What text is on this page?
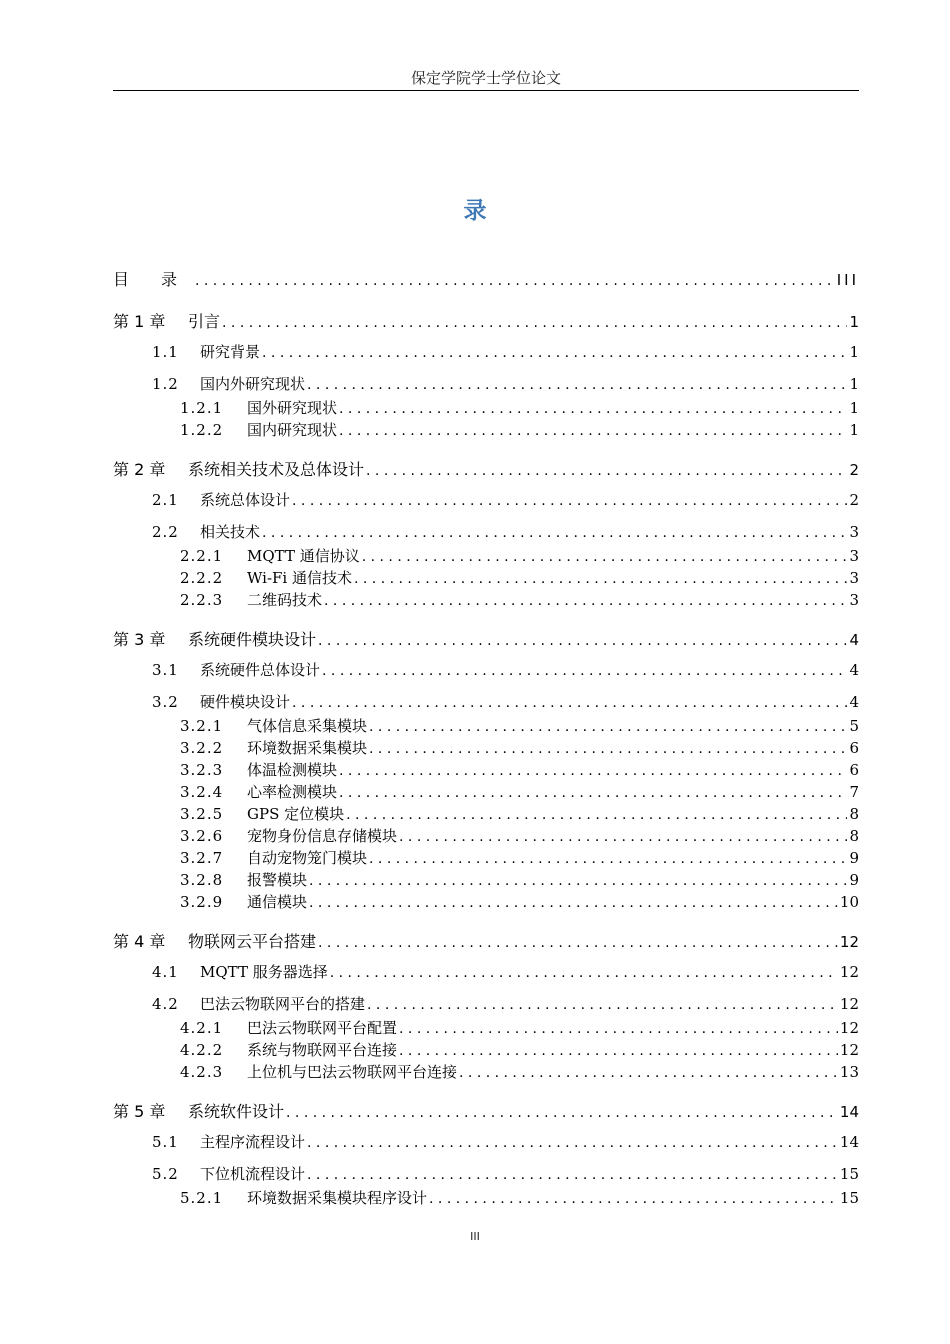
保定学院学士学位论文
录
目　　录 . . .	III
第 1 章	引言 . . .	1
1.1	研究背景 . . .	1
1.2	国内外研究现状 . . .	1
1.2.1	国外研究现状 . . .	1
1.2.2	国内研究现状 . . .	1
第 2 章	系统相关技术及总体设计 . . .	2
2.1	系统总体设计 . . .	2
2.2	相关技术 . . .	3
2.2.1	MQTT 通信协议 . . .	3
2.2.2	Wi-Fi 通信技术 . . .	3
2.2.3	二维码技术 . . .	3
第 3 章	系统硬件模块设计 . . .	4
3.1	系统硬件总体设计 . . .	4
3.2	硬件模块设计 . . .	4
3.2.1	气体信息采集模块 . . .	5
3.2.2	环境数据采集模块 . . .	6
3.2.3	体温检测模块 . . .	6
3.2.4	心率检测模块 . . .	7
3.2.5	GPS 定位模块 . . .	8
3.2.6	宠物身份信息存储模块 . . .	8
3.2.7	自动宠物笼门模块 . . .	9
3.2.8	报警模块 . . .	9
3.2.9	通信模块 . . .	10
第 4 章	物联网云平台搭建 . . .	12
4.1	MQTT 服务器选择 . . .	12
4.2	巴法云物联网平台的搭建 . . .	12
4.2.1	巴法云物联网平台配置 . . .	12
4.2.2	系统与物联网平台连接 . . .	12
4.2.3	上位机与巴法云物联网平台连接 . . .	13
第 5 章	系统软件设计 . . .	14
5.1	主程序流程设计 . . .	14
5.2	下位机流程设计 . . .	15
5.2.1	环境数据采集模块程序设计 . . .	15
III
